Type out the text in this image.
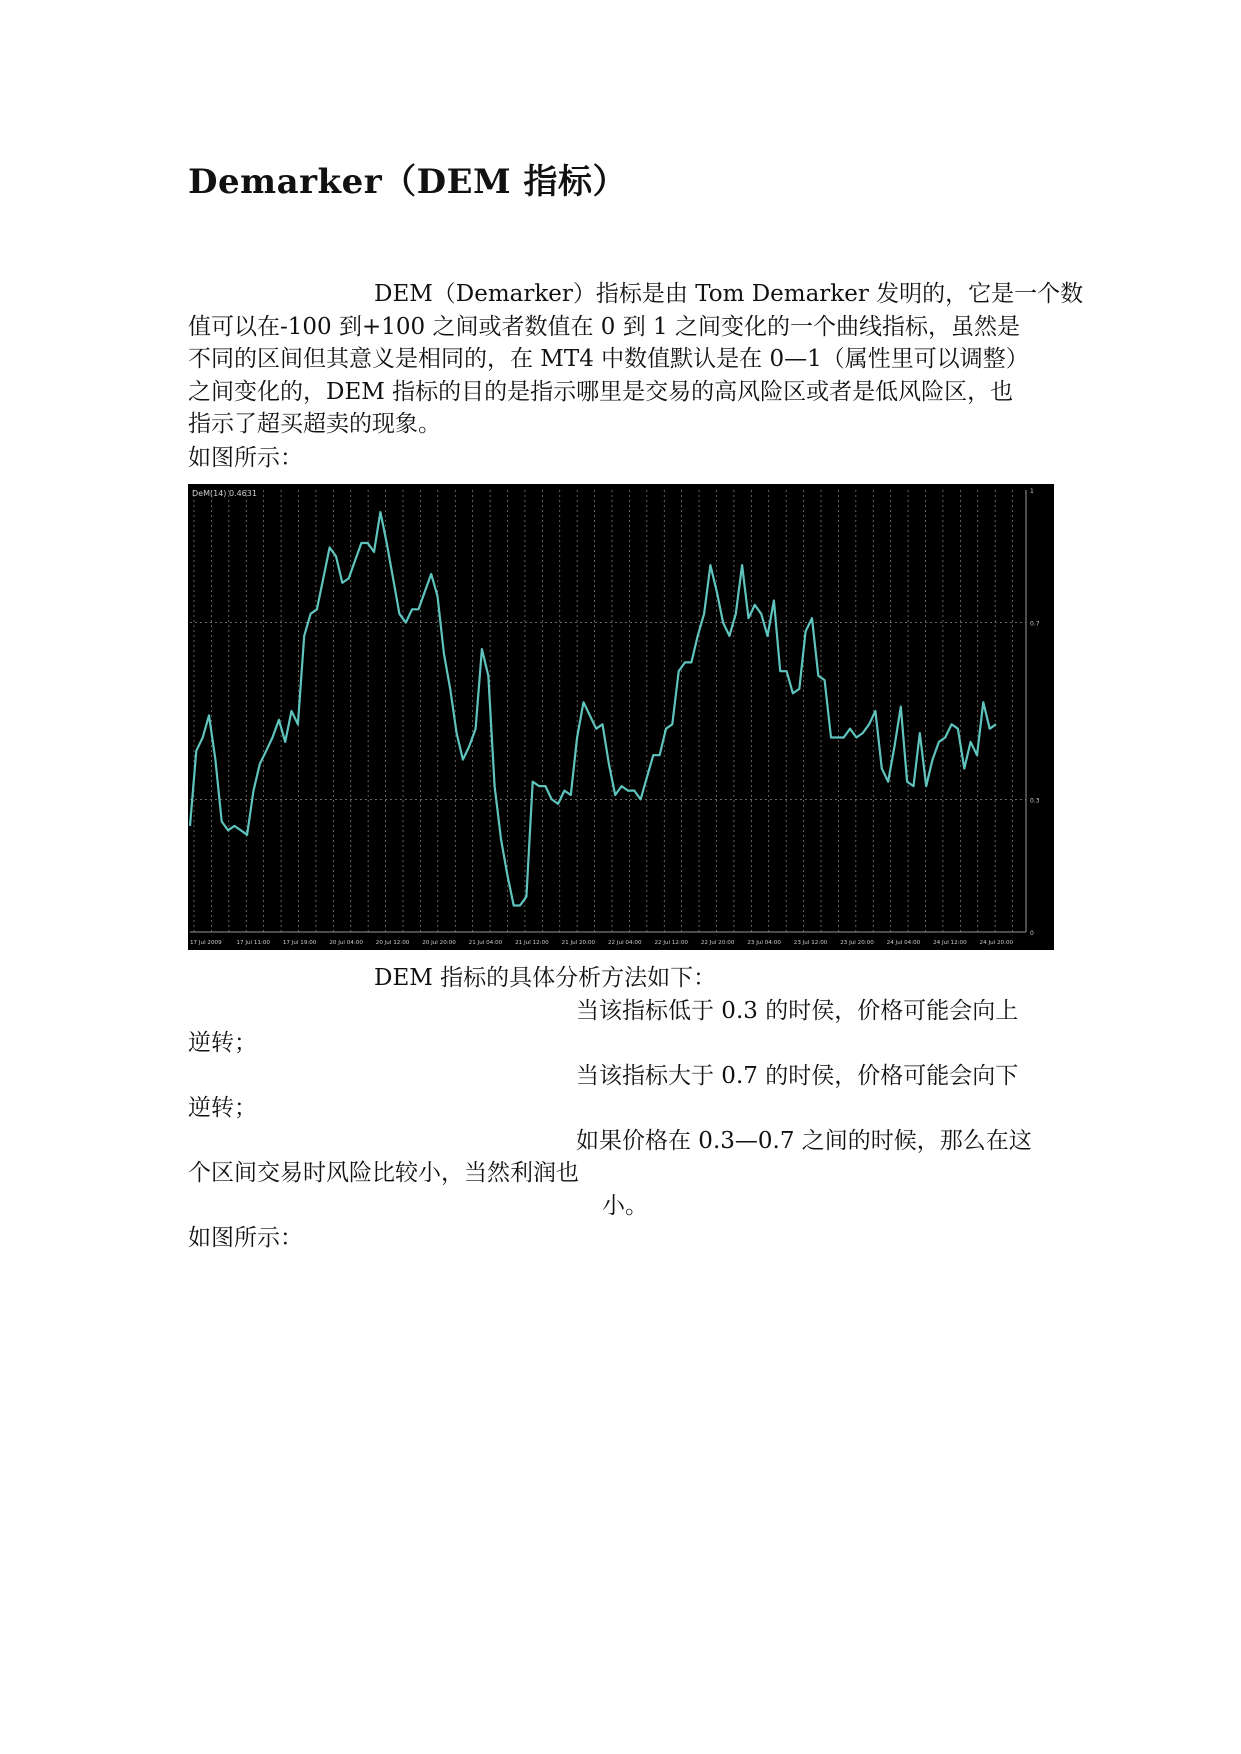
Demarker（DEM 指标）
DEM（Demarker）指标是由 Tom Demarker 发明的，它是一个数
值可以在-100 到+100 之间或者数值在 0 到 1 之间变化的一个曲线指标，虽然是
不同的区间但其意义是相同的，在 MT4 中数值默认是在 0—1（属性里可以调整）
之间变化的，DEM 指标的目的是指示哪里是交易的高风险区或者是低风险区，也
指示了超买超卖的现象。
如图所示：
1
0.7
0.3
0
17 Jul 2009	17 Jul 11:00 17 Jul 19:00 20 Jul 04:00 20 Jul 12:00 20 Jul 20:00 21 Jul 04:00 21 Jul 12:00 21 Jul 20:00 22 Jul 04:00 22 Jul 12:00 22 Jul 20:00 23 Jul 04:00 23 Jul 12:00 23 Jul 20:00 24 Jul 04:00 24 Jul 12:00 24 Jul 20:00
DeM(14) 0.4631
DEM 指标的具体分析方法如下：
当该指标低于 0.3 的时侯，价格可能会向上
逆转；
当该指标大于 0.7 的时侯，价格可能会向下
逆转；
如果价格在 0.3—0.7 之间的时候，那么在这
个区间交易时风险比较小，当然利润也
小。
如图所示：
